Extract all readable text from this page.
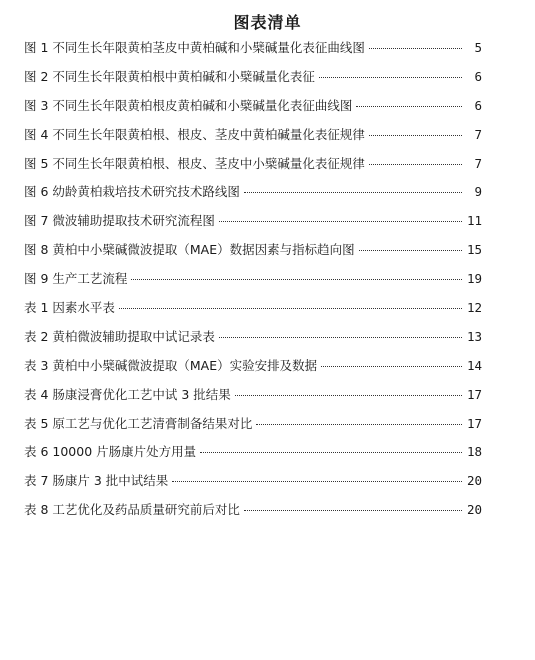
图表清单
图 1 不同生长年限黄柏茎皮中黄柏碱和小檗碱量化表征曲线图	5
图 2 不同生长年限黄柏根中黄柏碱和小檗碱量化表征	6
图 3 不同生长年限黄柏根皮黄柏碱和小檗碱量化表征曲线图	6
图 4 不同生长年限黄柏根、根皮、茎皮中黄柏碱量化表征规律	7
图 5 不同生长年限黄柏根、根皮、茎皮中小檗碱量化表征规律	7
图 6 幼龄黄柏栽培技术研究技术路线图	9
图 7 微波辅助提取技术研究流程图	11
图 8 黄柏中小檗碱微波提取（MAE）数据因素与指标趋向图	15
图 9 生产工艺流程	19
表 1 因素水平表	12
表 2 黄柏微波辅助提取中试记录表	13
表 3 黄柏中小檗碱微波提取（MAE）实验安排及数据	14
表 4 肠康浸膏优化工艺中试 3 批结果	17
表 5 原工艺与优化工艺清膏制备结果对比	17
表 6 10000 片肠康片处方用量	18
表 7 肠康片 3 批中试结果	20
表 8 工艺优化及药品质量研究前后对比	20
